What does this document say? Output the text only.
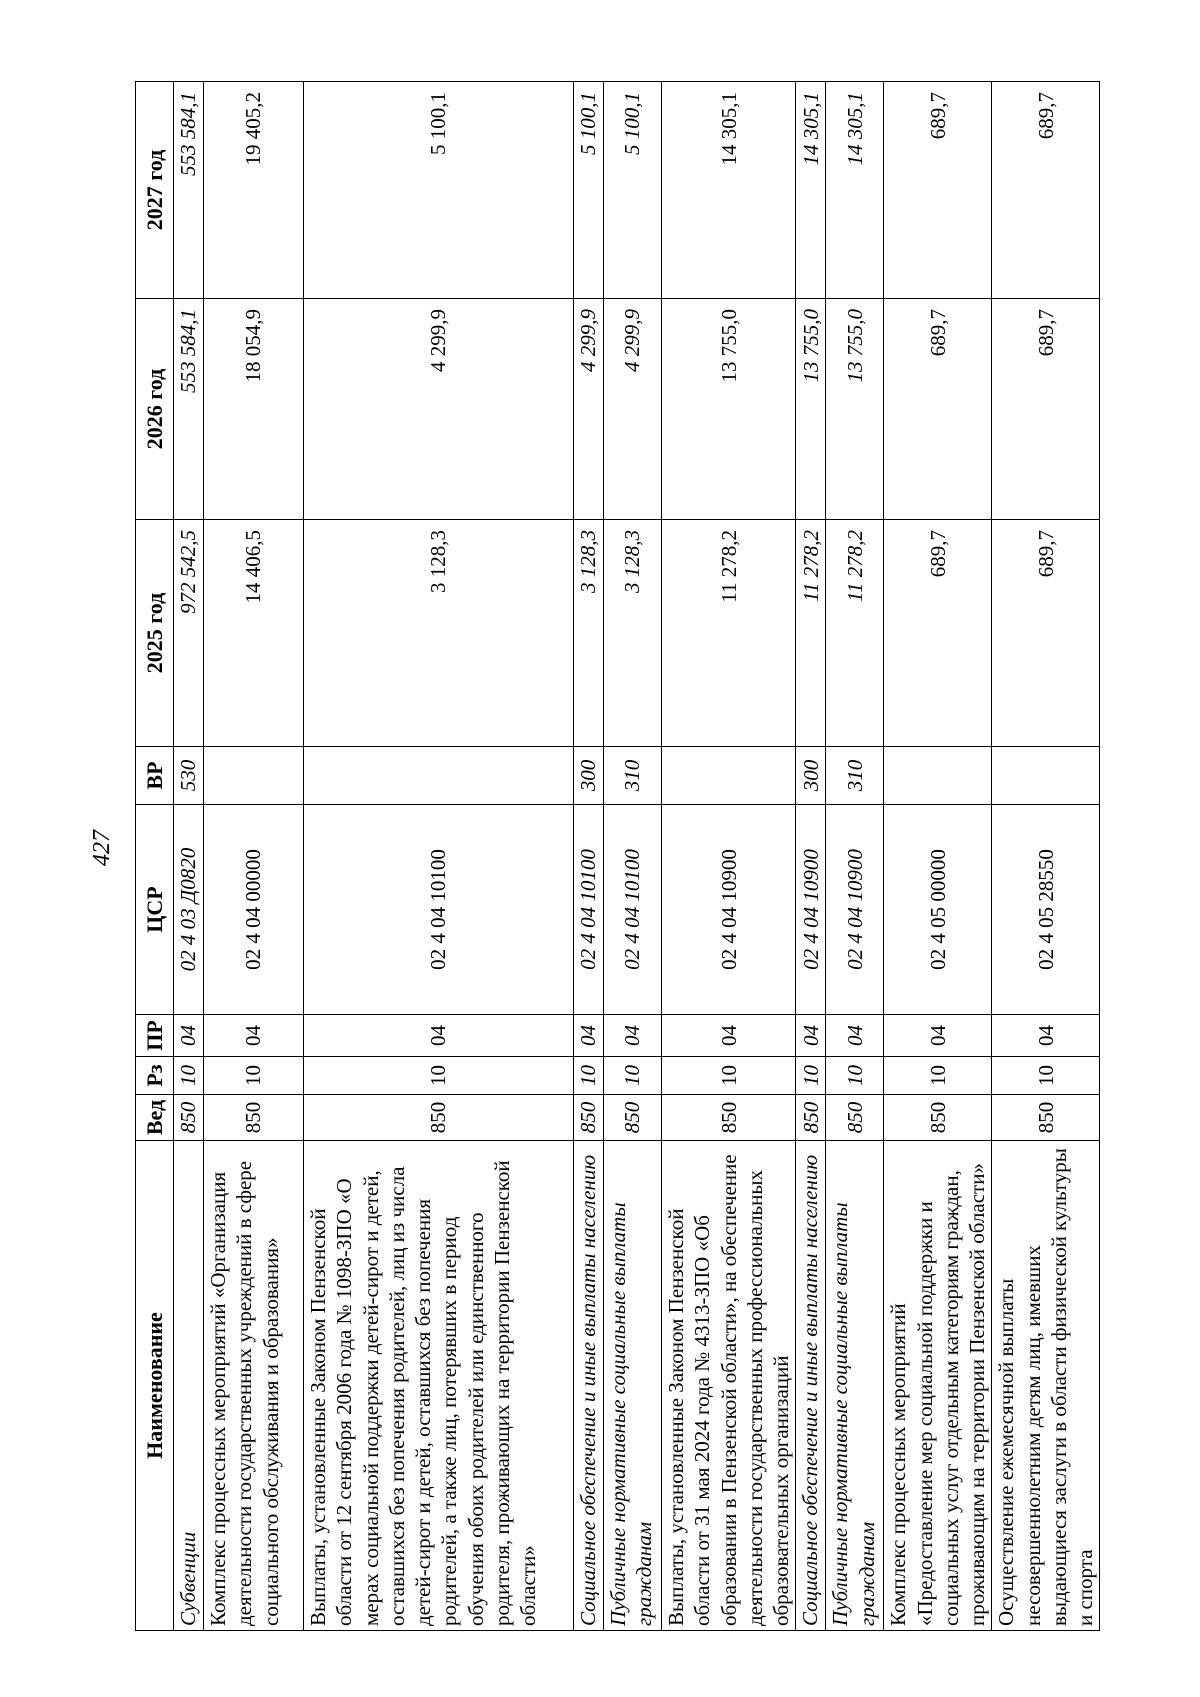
427
Наименование	Вед	Рз	ПР	ЦСР	ВР	2025 год	2026 год	2027 год
Субвенции	850	10	04	02 4 03 Д0820	530	972 542,5	553 584,1	553 584,1
Комплекс процессных мероприятий «Организация деятельности государственных учреждений в сфере социального обслуживания и образования»	850	10	04	02 4 04 00000		14 406,5	18 054,9	19 405,2
Выплаты, установленные Законом Пензенской области от 12 сентября 2006 года № 1098-ЗПО «О мерах социальной поддержки детей-сирот и детей, оставшихся без попечения родителей, лиц из числа детей-сирот и детей, оставшихся без попечения родителей, а также лиц, потерявших в период обучения обоих родителей или единственного родителя, проживающих на территории Пензенской области»	850	10	04	02 4 04 10100		3 128,3	4 299,9	5 100,1
Социальное обеспечение и иные выплаты населению	850	10	04	02 4 04 10100	300	3 128,3	4 299,9	5 100,1
Публичные нормативные социальные выплаты гражданам	850	10	04	02 4 04 10100	310	3 128,3	4 299,9	5 100,1
Выплаты, установленные Законом Пензенской области от 31 мая 2024 года № 4313-ЗПО «Об образовании в Пензенской области», на обеспечение деятельности государственных профессиональных образовательных организаций	850	10	04	02 4 04 10900		11 278,2	13 755,0	14 305,1
Социальное обеспечение и иные выплаты населению	850	10	04	02 4 04 10900	300	11 278,2	13 755,0	14 305,1
Публичные нормативные социальные выплаты гражданам	850	10	04	02 4 04 10900	310	11 278,2	13 755,0	14 305,1
Комплекс процессных мероприятий «Предоставление мер социальной поддержки и социальных услуг отдельным категориям граждан, проживающим на территории Пензенской области»	850	10	04	02 4 05 00000		689,7	689,7	689,7
Осуществление ежемесячной выплаты несовершеннолетним детям лиц, имевших выдающиеся заслуги в области физической культуры и спорта	850	10	04	02 4 05 28550		689,7	689,7	689,7
